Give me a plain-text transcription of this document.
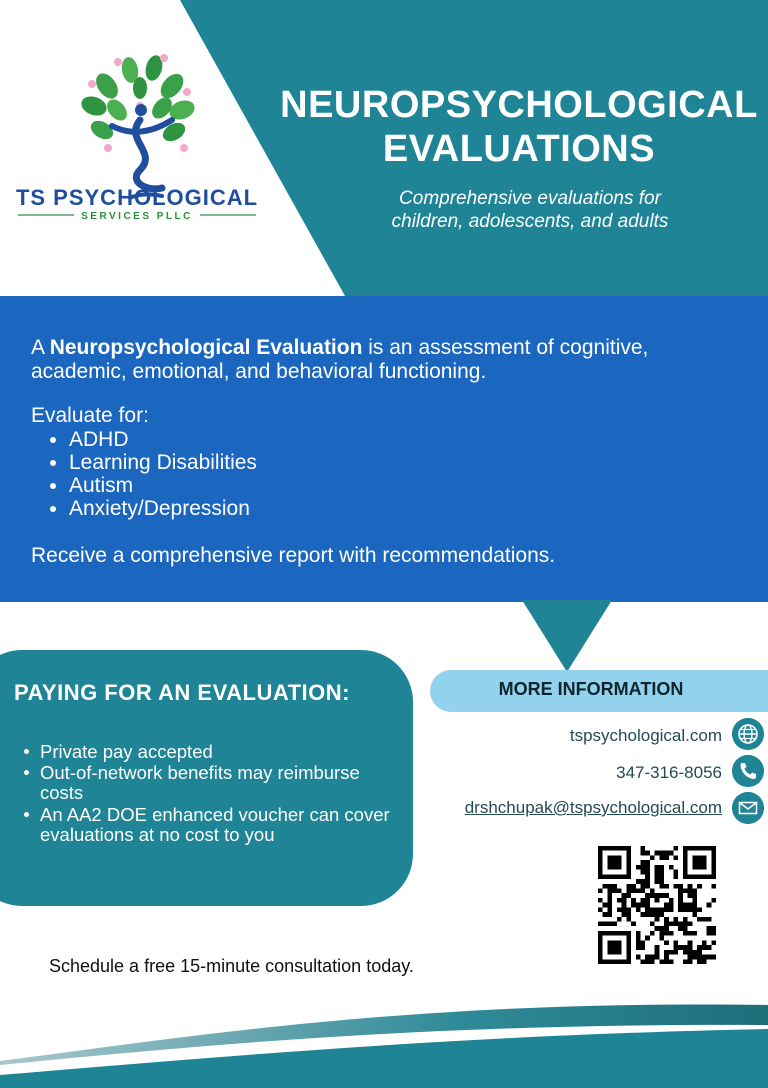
TS PSYCHOLOGICAL
SERVICES PLLC
NEUROPSYCHOLOGICAL
EVALUATIONS
Comprehensive evaluations for
children, adolescents, and adults
A Neuropsychological Evaluation is an assessment of cognitive,
academic, emotional, and behavioral functioning.
Evaluate for:
ADHD
Learning Disabilities
Autism
Anxiety/Depression
Receive a comprehensive report with recommendations.
PAYING FOR AN EVALUATION:
Private pay accepted
Out-of-network benefits may reimburse costs
An AA2 DOE enhanced voucher can cover evaluations at no cost to you
MORE INFORMATION
tspsychological.com
347-316-8056
drshchupak@tspsychological.com
Schedule a free 15-minute consultation today.
